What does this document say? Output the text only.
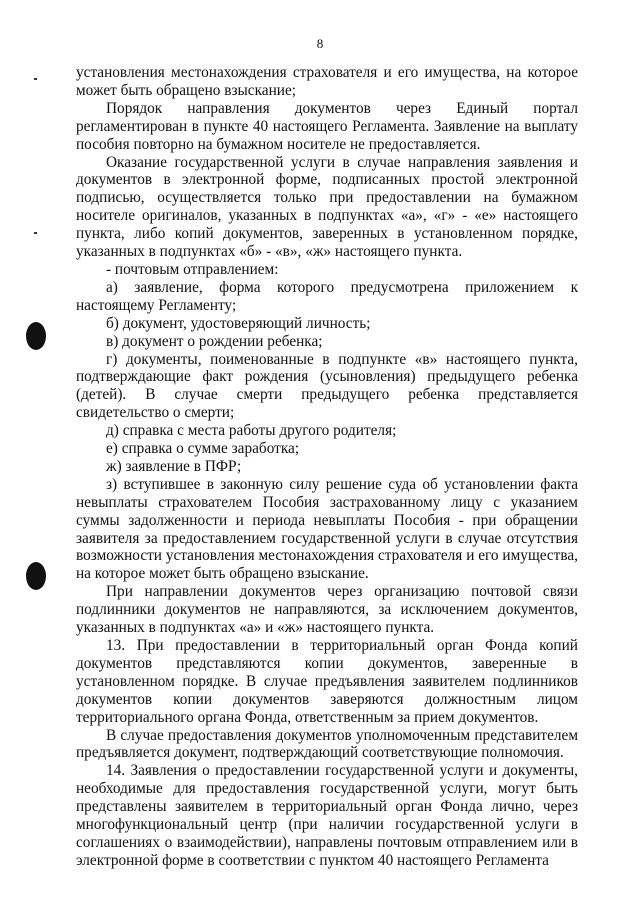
8

установления местонахождения страхователя и его имущества, на которое может быть обращено взыскание;

Порядок направления документов через Единый портал регламентирован в пункте 40 настоящего Регламента. Заявление на выплату пособия повторно на бумажном носителе не предоставляется.

Оказание государственной услуги в случае направления заявления и документов в электронной форме, подписанных простой электронной подписью, осуществляется только при предоставлении на бумажном носителе оригиналов, указанных в подпунктах «а», «г» - «е» настоящего пункта, либо копий документов, заверенных в установленном порядке, указанных в подпунктах «б» - «в», «ж» настоящего пункта.

- почтовым отправлением:

а) заявление, форма которого предусмотрена приложением к настоящему Регламенту;

б) документ, удостоверяющий личность;

в) документ о рождении ребенка;

г) документы, поименованные в подпункте «в» настоящего пункта, подтверждающие факт рождения (усыновления) предыдущего ребенка (детей). В случае смерти предыдущего ребенка представляется свидетельство о смерти;

д) справка с места работы другого родителя;

е) справка о сумме заработка;

ж) заявление в ПФР;

з) вступившее в законную силу решение суда об установлении факта невыплаты страхователем Пособия застрахованному лицу с указанием суммы задолженности и периода невыплаты Пособия - при обращении заявителя за предоставлением государственной услуги в случае отсутствия возможности установления местонахождения страхователя и его имущества, на которое может быть обращено взыскание.

При направлении документов через организацию почтовой связи подлинники документов не направляются, за исключением документов, указанных в подпунктах «а» и «ж» настоящего пункта.

13. При предоставлении в территориальный орган Фонда копий документов представляются копии документов, заверенные в установленном порядке. В случае предъявления заявителем подлинников документов копии документов заверяются должностным лицом территориального органа Фонда, ответственным за прием документов.

В случае предоставления документов уполномоченным представителем предъявляется документ, подтверждающий соответствующие полномочия.

14. Заявления о предоставлении государственной услуги и документы, необходимые для предоставления государственной услуги, могут быть представлены заявителем в территориальный орган Фонда лично, через многофункциональный центр (при наличии государственной услуги в соглашениях о взаимодействии), направлены почтовым отправлением или в электронной форме в соответствии с пунктом 40 настоящего Регламента
